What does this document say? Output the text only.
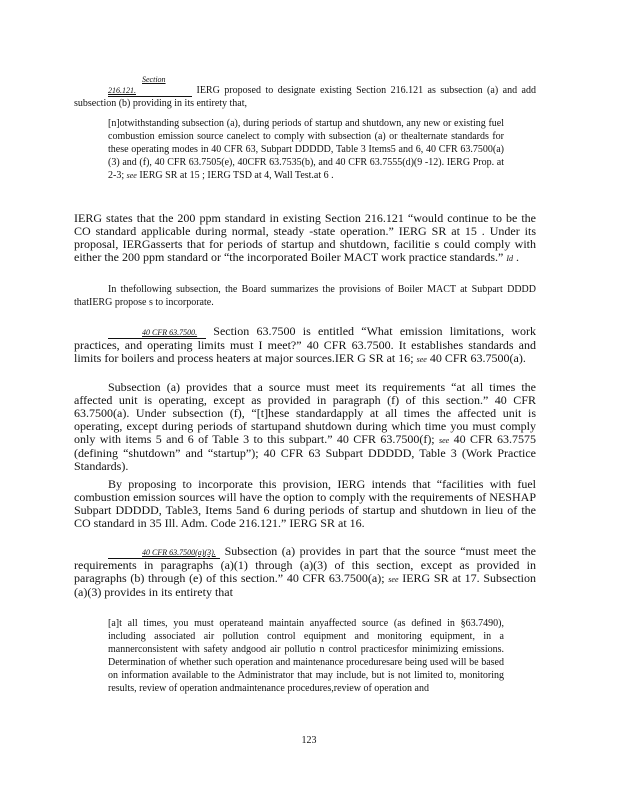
Section 216.121.	IERG proposed to designate existing Section 216.121 as subsection (a) and add subsection (b) providing in its entirety that,

[n]otwithstanding subsection (a), during periods of startup and shutdown, any new or existing fuel combustion emission source canelect to comply with subsection (a) or thealternate standards for these operating modes in 40 CFR 63, Subpart DDDDD, Table 3 Items5 and 6, 40 CFR 63.7500(a)(3) and (f), 40 CFR 63.7505(e), 40CFR 63.7535(b), and 40 CFR 63.7555(d)(9 -12). IERG Prop. at 2-3; see IERG SR at 15 ; IERG TSD at 4, Wall Test.at 6 .

IERG states that the 200 ppm standard in existing Section 216.121 “would continue to be the CO standard applicable during normal, steady -state operation.” IERG SR at 15 . Under its proposal, IERGasserts that for periods of startup and shutdown, facilitie s could comply with either the 200 ppm standard or “the incorporated Boiler MACT work practice standards.” Id .

In thefollowing subsection, the Board summarizes the provisions of Boiler MACT at Subpart DDDD thatIERG propose s to incorporate.

40 CFR 63.7500. Section 63.7500 is entitled “What emission limitations, work practices, and operating limits must I meet?” 40 CFR 63.7500. It establishes standards and limits for boilers and process heaters at major sources.IER G SR at 16; see 40 CFR 63.7500(a).

Subsection (a) provides that a source must meet its requirements “at all times the affected unit is operating, except as provided in paragraph (f) of this section.” 40 CFR 63.7500(a). Under subsection (f), “[t]hese standardapply at all times the affected unit is operating, except during periods of startupand shutdown during which time you must comply only with items 5 and 6 of Table 3 to this subpart.” 40 CFR 63.7500(f); see 40 CFR 63.7575 (defining “shutdown” and “startup”); 40 CFR 63 Subpart DDDDD, Table 3 (Work Practice Standards).

By proposing to incorporate this provision, IERG intends that “facilities with fuel combustion emission sources will have the option to comply with the requirements of NESHAP Subpart DDDDD, Table3, Items 5and 6 during periods of startup and shutdown in lieu of the CO standard in 35 Ill. Adm. Code 216.121.” IERG SR at 16.

40 CFR 63.7500(a)(3). Subsection (a) provides in part that the source “must meet the requirements in paragraphs (a)(1) through (a)(3) of this section, except as provided in paragraphs (b) through (e) of this section.” 40 CFR 63.7500(a); see IERG SR at 17. Subsection (a)(3) provides in its entirety that

[a]t all times, you must operateand maintain anyaffected source (as defined in §63.7490), including associated air pollution control equipment and monitoring equipment, in a mannerconsistent with safety andgood air pollutio n control practicesfor minimizing emissions. Determination of whether such operation and maintenance proceduresare being used will be based on information available to the Administrator that may include, but is not limited to, monitoring results, review of operation andmaintenance procedures,review of operation and

123
